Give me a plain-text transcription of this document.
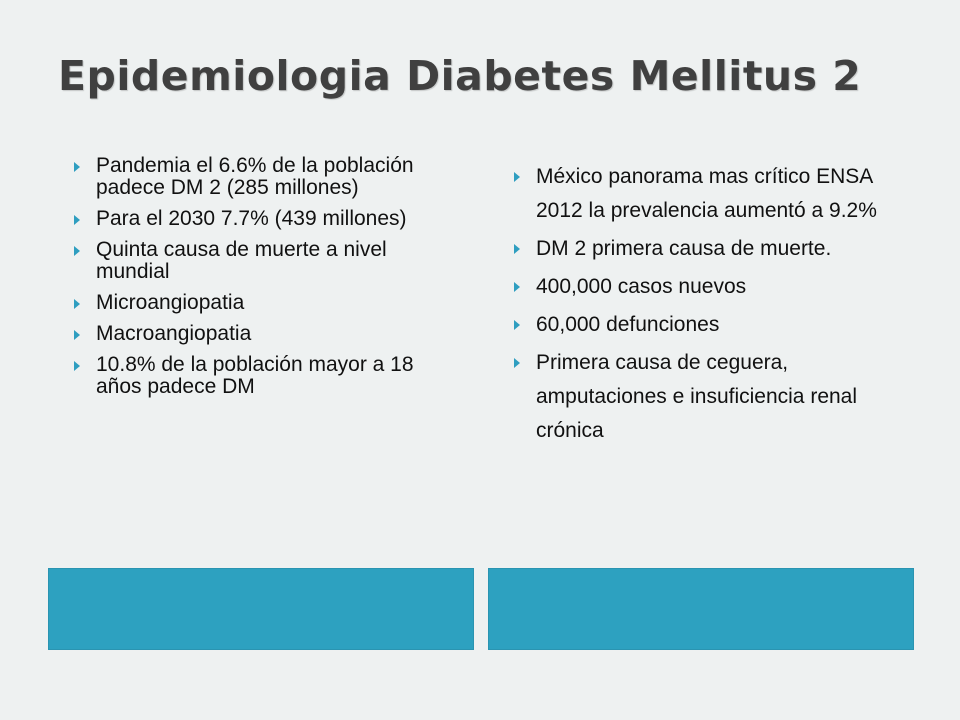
Epidemiologia Diabetes Mellitus 2
Pandemia el 6.6% de la población padece DM 2 (285 millones)
Para el 2030 7.7% (439 millones)
Quinta causa de muerte a nivel mundial
Microangiopatia
Macroangiopatia
10.8% de la población mayor a 18 años padece DM
México panorama mas crítico ENSA 2012 la prevalencia aumentó a 9.2%
DM 2 primera causa de muerte.
400,000 casos nuevos
60,000 defunciones
Primera causa de ceguera, amputaciones e insuficiencia renal crónica
